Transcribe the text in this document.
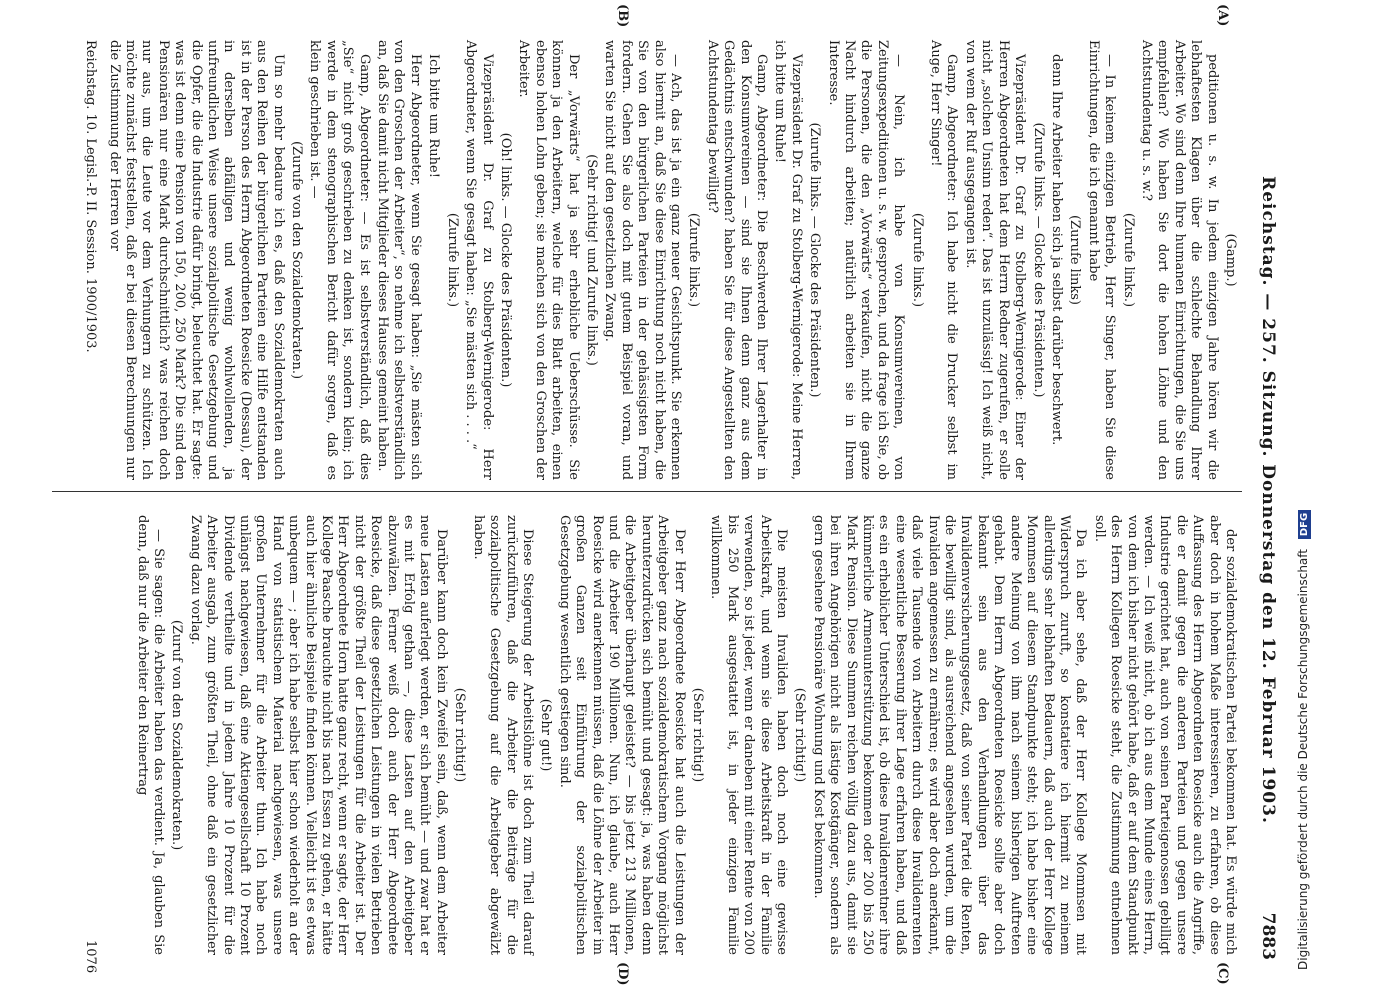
Reichstag. — 257. Sitzung. Donnerstag den 12. Februar 1903.
7883
(A)
(B)
(C)
(D)

(Gamp.)

peditionen u. s. w. In jedem einzigen Jahre hören wir die lebhaftesten Klagen über die schlechte Behandlung Ihrer Arbeiter. Wo sind denn Ihre humanen Einrichtungen, die Sie uns empfehlen? Wo haben Sie dort die hohen Löhne und den Achtstundentag u. s. w.?

(Zurufe links.)

— In keinem einzigen Betrieb, Herr Singer, haben Sie diese Einrichtungen, die ich genannt habe

(Zurufe links)

denn Ihre Arbeiter haben sich ja selbst darüber beschwert.

(Zurufe links. — Glocke des Präsidenten.)

Vizepräsident Dr. Graf zu Stolberg-Wernigerode: Einer der Herren Abgeordneten hat dem Herrn Redner zugerufen, er solle nicht „solchen Unsinn reden“. Das ist unzulässig! Ich weiß nicht, von wem der Ruf ausgegangen ist.

Gamp, Abgeordneter: Ich habe nicht die Drucker selbst im Auge, Herr Singer!

(Zurufe links.)

— Nein, ich habe von Konsumvereinen, von Zeitungsexpeditionen u. s. w. gesprochen, und da frage ich Sie, ob die Personen, die den „Vorwärts“ verkaufen, nicht die ganze Nacht hindurch arbeiten; natürlich arbeiten sie in Ihrem Interesse.

(Zurufe links. — Glocke des Präsidenten.)

Vizepräsident Dr. Graf zu Stolberg-Wernigerode: Meine Herren, ich bitte um Ruhe!

Gamp, Abgeordneter: Die Beschwerden Ihrer Lagerhalter in den Konsumvereinen — sind sie Ihnen denn ganz aus dem Gedächtnis entschwunden? haben Sie für diese Angestellten den Achtstundentag bewilligt?

(Zurufe links.)

— Ach, das ist ja ein ganz neuer Gesichtspunkt. Sie erkennen also hiermit an, daß Sie diese Einrichtung noch nicht haben, die Sie von den bürgerlichen Parteien in der gehässigsten Form fordern. Gehen Sie also doch mit gutem Beispiel voran, und warten Sie nicht auf den gesetzlichen Zwang.

(Sehr richtig! und Zurufe links.)

Der „Vorwärts“ hat ja sehr erhebliche Ueberschüsse. Sie können ja den Arbeitern, welche für dies Blatt arbeiten, einen ebenso hohen Lohn geben; sie machen sich von den Groschen der Arbeiter.

(Oh! links. — Glocke des Präsidenten.)

Vizepräsident Dr. Graf zu Stolberg-Wernigerode: Herr Abgeordneter, wenn Sie gesagt haben: „Sie mästen sich . . . .“

(Zurufe links.)

Ich bitte um Ruhe!

Herr Abgeordneter, wenn Sie gesagt haben: „Sie mästen sich von den Groschen der Arbeiter“, so nehme ich selbstverständlich an, daß Sie damit nicht Mitglieder dieses Hauses gemeint haben.

Gamp, Abgeordneter: — Es ist selbstverständlich, daß dies „Sie“ nicht groß geschrieben zu denken ist, sondern klein; ich werde in dem stenographischen Bericht dafür sorgen, daß es klein geschrieben ist. —

(Zurufe von den Sozialdemokraten.)

Um so mehr bedaure ich es, daß den Sozialdemokraten auch aus den Reihen der bürgerlichen Parteien eine Hilfe entstanden ist in der Person des Herrn Abgeordneten Roesicke (Dessau), der in derselben abfälligen und wenig wohlwollenden, ja unfreundlichen Weise unsere sozialpolitische Gesetzgebung und die Opfer, die die Industrie dafür bringt, beleuchtet hat. Er sagte: was ist denn eine Pension von 150, 200, 250 Mark? Die sind den Pensionären nur eine Mark durchschnittlich? was reichen doch nur aus, um die Leute vor dem Verhungern zu schützen. Ich möchte zunächst feststellen, daß er bei diesen Berechnungen nur die Zustimmung der Herren vor

der sozialdemokratischen Partei bekommen hat. Es würde mich aber doch in hohem Maße interessieren, zu erfahren, ob diese Auffassung des Herrn Abgeordneten Roesicke auch die Angriffe, die er damit gegen die anderen Parteien und gegen unsere Industrie gerichtet hat, auch von seinen Parteigenossen gebilligt werden. — Ich weiß nicht, ob ich aus dem Munde eines Herrn, von dem ich bisher nicht gehört habe, daß er auf dem Standpunkt des Herrn Kollegen Roesicke steht, die Zustimmung entnehmen soll.

Da ich aber sehe, daß der Herr Kollege Mommsen mit Widerspruch zuruft, so konstatiere ich hiermit zu meinem allerdings sehr lebhaften Bedauern, daß auch der Herr Kollege Mommsen auf diesem Standpunkte steht; ich habe bisher eine andere Meinung von ihm nach seinem bisherigen Auftreten gehabt. Dem Herrn Abgeordneten Roesicke sollte aber doch bekannt sein aus den Verhandlungen über das Invalidenversicherungsgesetz, daß von seiner Partei die Renten, die bewilligt sind, als ausreichend angesehen wurden, um die Invaliden angemessen zu ernähren; es wird aber doch anerkannt, daß viele Tausende von Arbeitern durch diese Invalidenrenten eine wesentliche Besserung ihrer Lage erfahren haben, und daß es ein erheblicher Unterschied ist, ob diese Invalidenrentner ihre kümmerliche Armenunterstützung bekommen oder 200 bis 250 Mark Pension. Diese Summen reichen völlig dazu aus, damit sie bei ihren Angehörigen nicht als lästige Kostgänger, sondern als gern gesehene Pensionäre Wohnung und Kost bekommen.

(Sehr richtig!)

Die meisten Invaliden haben doch noch eine gewisse Arbeitskraft, und wenn sie diese Arbeitskraft in der Familie verwenden, so ist jeder, wenn er daneben mit einer Rente von 200 bis 250 Mark ausgestattet ist, in jeder einzigen Familie willkommen.

(Sehr richtig!)

Der Herr Abgeordnete Roesicke hat auch die Leistungen der Arbeitgeber ganz nach sozialdemokratischem Vorgang möglichst herunterzudrücken sich bemüht und gesagt: ja, was haben denn die Arbeitgeber überhaupt geleistet? — bis jetzt 213 Millionen, und die Arbeiter 190 Millionen. Nun, ich glaube, auch Herr Roesicke wird anerkennen müssen, daß die Löhne der Arbeiter im großen Ganzen seit Einführung der sozialpolitischen Gesetzgebung wesentlich gestiegen sind.

(Sehr gut!)

Diese Steigerung der Arbeitslöhne ist doch zum Theil darauf zurückzuführen, daß die Arbeiter die Beiträge für die sozialpolitische Gesetzgebung auf die Arbeitgeber abgewälzt haben.

(Sehr richtig!)

Darüber kann doch kein Zweifel sein, daß, wenn dem Arbeiter neue Lasten auferlegt werden, er sich bemüht — und zwar hat er es mit Erfolg gethan —, diese Lasten auf den Arbeitgeber abzuwälzen. Ferner weiß doch auch der Herr Abgeordnete Roesicke, daß diese gesetzlichen Leistungen in vielen Betrieben nicht der größte Theil der Leistungen für die Arbeiter ist. Der Herr Abgeordnete Horn hatte ganz recht, wenn er sagte, der Herr Kollege Paasche brauchte nicht bis nach Essen zu gehen, er hätte auch hier ähnliche Beispiele finden können. Vielleicht ist es etwas unbequem — ; aber ich habe selbst hier schon wiederholt an der Hand von statistischem Material nachgewiesen, was unsere großen Unternehmer für die Arbeiter thun. Ich habe noch unlängst nachgewiesen, daß eine Aktiengesellschaft 10 Prozent Dividende vertheilte und in jedem Jahre 10 Prozent für die Arbeiter ausgab, zum größten Theil, ohne daß ein gesetzlicher Zwang dazu vorlag.

(Zuruf von den Sozialdemokraten.)

— Sie sagen: die Arbeiter haben das verdient. Ja, glauben Sie denn, daß nur die Arbeiter den Reinertrag

Reichstag. 10. Legisl.-P. II. Session. 1900/1903.
1076	Digitalisierung gefördert durch die Deutsche Forschungsgemeinschaft DFG
